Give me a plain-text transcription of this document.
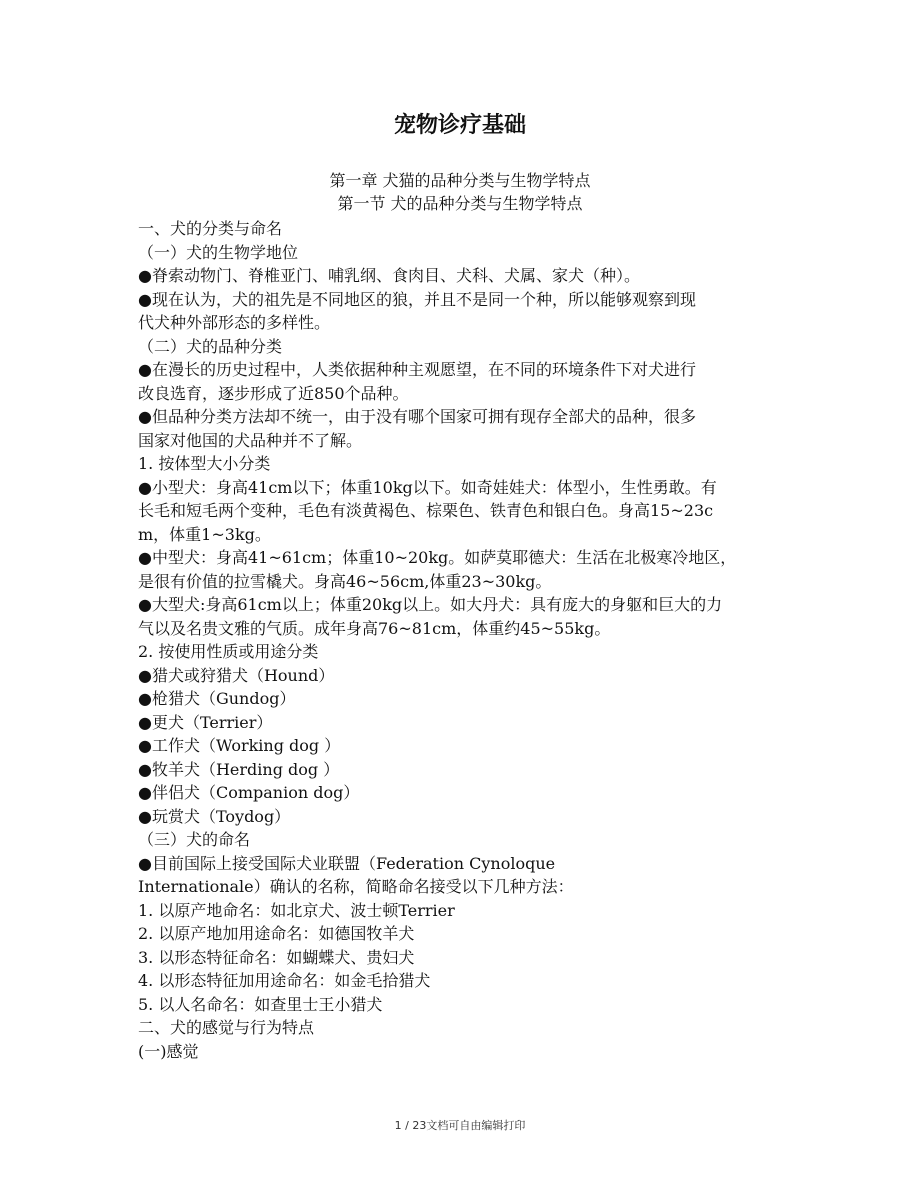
宠物诊疗基础
第一章 犬猫的品种分类与生物学特点
第一节 犬的品种分类与生物学特点

一、犬的分类与命名

（一）犬的生物学地位

●脊索动物门、脊椎亚门、哺乳纲、食肉目、犬科、犬属、家犬（种）。

●现在认为，犬的祖先是不同地区的狼，并且不是同一个种，所以能够观察到现

代犬种外部形态的多样性。

（二）犬的品种分类

●在漫长的历史过程中，人类依据种种主观愿望，在不同的环境条件下对犬进行

改良选育，逐步形成了近850个品种。

●但品种分类方法却不统一，由于没有哪个国家可拥有现存全部犬的品种，很多

国家对他国的犬品种并不了解。

1. 按体型大小分类

●小型犬：身高41cm以下；体重10kg以下。如奇娃娃犬：体型小，生性勇敢。有

长毛和短毛两个变种，毛色有淡黄褐色、棕栗色、铁青色和银白色。身高15~23c

m，体重1~3kg。

●中型犬：身高41~61cm；体重10~20kg。如萨莫耶德犬：生活在北极寒冷地区，

是很有价值的拉雪橇犬。身高46~56cm,体重23~30kg。

●大型犬:身高61cm以上；体重20kg以上。如大丹犬：具有庞大的身躯和巨大的力

气以及名贵文雅的气质。成年身高76~81cm，体重约45~55kg。

2. 按使用性质或用途分类

●猎犬或狩猎犬（Hound）

●枪猎犬（Gundog）

●更犬（Terrier）

●工作犬（Working dog ）

●牧羊犬（Herding dog ）

●伴侣犬（Companion dog）

●玩赏犬（Toydog）

（三）犬的命名

●目前国际上接受国际犬业联盟（Federation Cynoloque

Internationale）确认的名称，简略命名接受以下几种方法：

1. 以原产地命名：如北京犬、波士顿Terrier

2. 以原产地加用途命名：如德国牧羊犬

3. 以形态特征命名：如蝴蝶犬、贵妇犬

4. 以形态特征加用途命名：如金毛拾猎犬

5. 以人名命名：如查里士王小猎犬

二、犬的感觉与行为特点

(一)感觉

1 / 23文档可自由编辑打印
